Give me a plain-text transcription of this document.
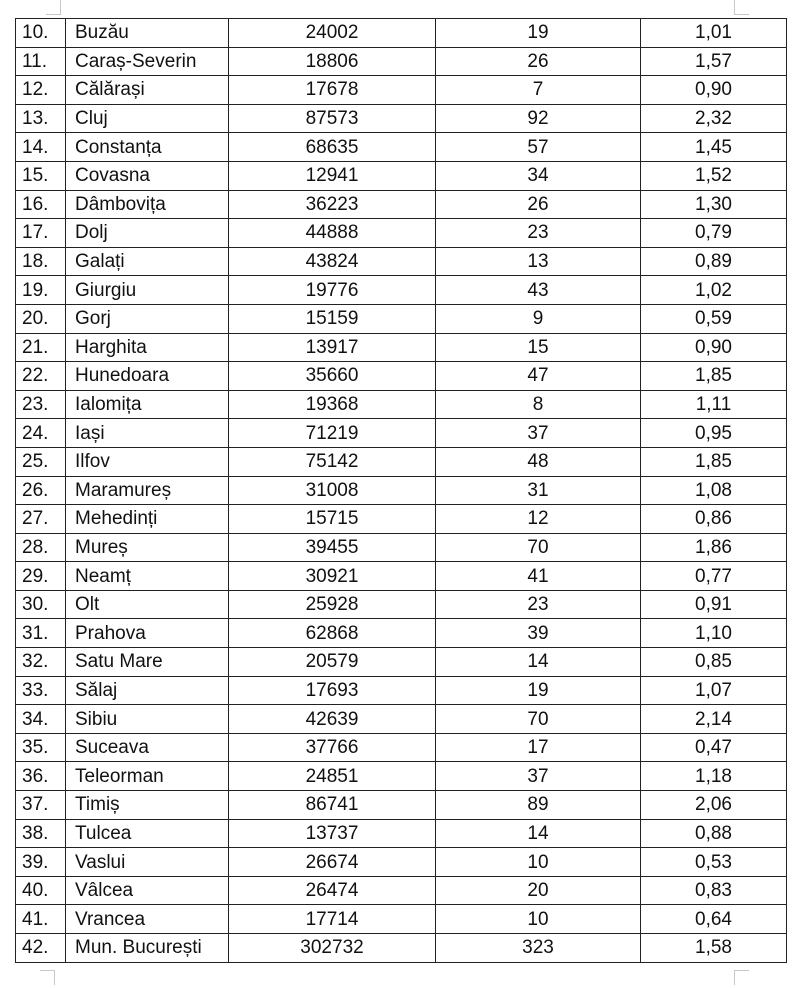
10.	Buzău	24002	19	1,01
11.	Caraș-Severin	18806	26	1,57
12.	Călărași	17678	7	0,90
13.	Cluj	87573	92	2,32
14.	Constanța	68635	57	1,45
15.	Covasna	12941	34	1,52
16.	Dâmbovița	36223	26	1,30
17.	Dolj	44888	23	0,79
18.	Galați	43824	13	0,89
19.	Giurgiu	19776	43	1,02
20.	Gorj	15159	9	0,59
21.	Harghita	13917	15	0,90
22.	Hunedoara	35660	47	1,85
23.	Ialomița	19368	8	1,11
24.	Iași	71219	37	0,95
25.	Ilfov	75142	48	1,85
26.	Maramureș	31008	31	1,08
27.	Mehedinți	15715	12	0,86
28.	Mureș	39455	70	1,86
29.	Neamț	30921	41	0,77
30.	Olt	25928	23	0,91
31.	Prahova	62868	39	1,10
32.	Satu Mare	20579	14	0,85
33.	Sălaj	17693	19	1,07
34.	Sibiu	42639	70	2,14
35.	Suceava	37766	17	0,47
36.	Teleorman	24851	37	1,18
37.	Timiș	86741	89	2,06
38.	Tulcea	13737	14	0,88
39.	Vaslui	26674	10	0,53
40.	Vâlcea	26474	20	0,83
41.	Vrancea	17714	10	0,64
42.	Mun. București	302732	323	1,58
